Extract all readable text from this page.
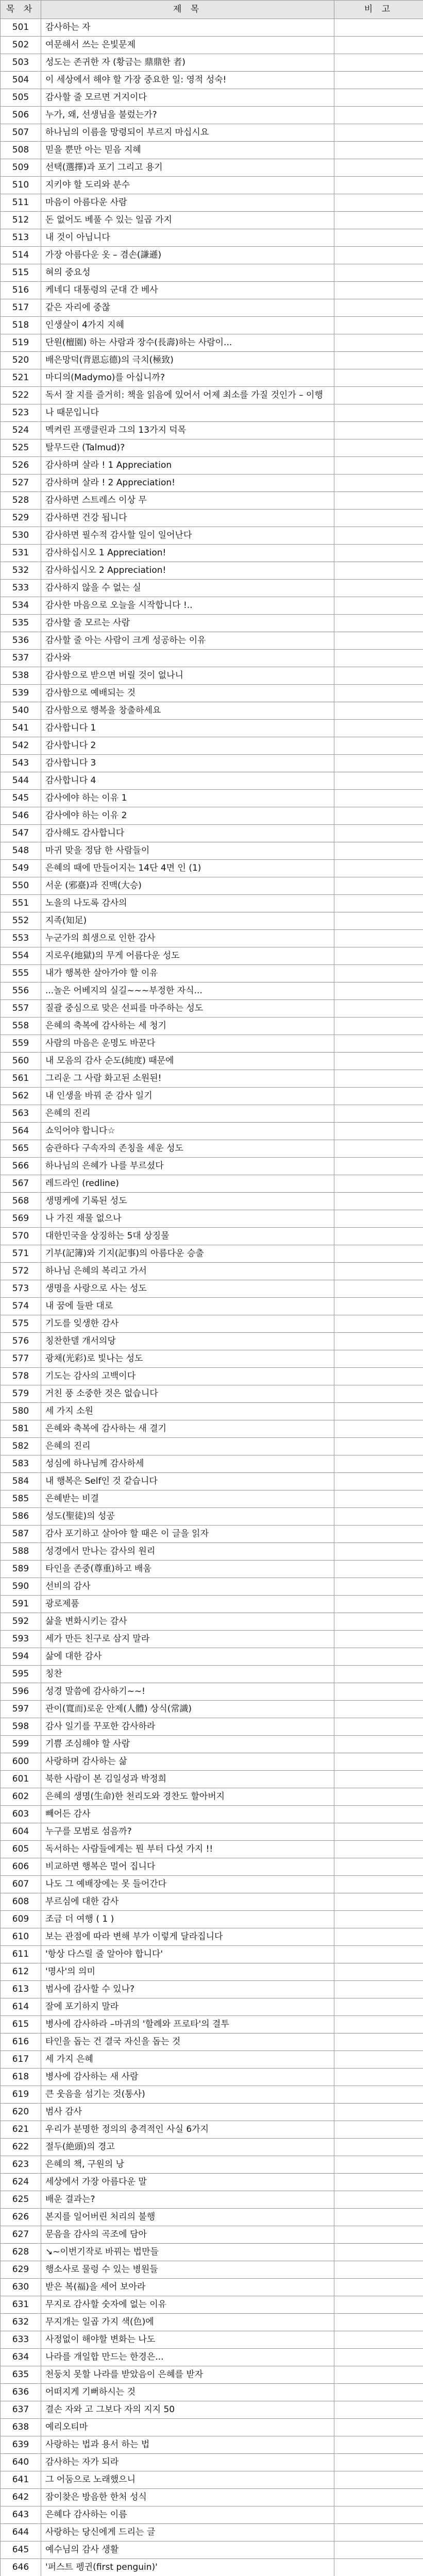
목 차	제 목	비 고
501	감사하는 자	
502	여문해서 쓰는 은빛문제	
503	성도는 존귀한 자 (황금는 鼎鼎한 者)	
504	이 세상에서 해야 할 가장 중요한 일: 영적 성숙!	
505	감사할 줄 모르면 거지이다	
506	누가, 왜, 선생님을 불렀는가?	
507	하나님의 이름을 망령되이 부르지 마십시요	
508	믿을 뿐만 아는 믿음 지혜	
509	선택(選擇)과 포기 그리고 용기	
510	지키야 할 도리와 분수	
511	마음이 아름다운 사람	
512	돈 없어도 베풀 수 있는 일곱 가지	
513	내 것이 아닙니다	
514	가장 아름다운 옷 – 겸손(謙遜)	
515	혀의 중요성	
516	케네디 대통령의 군대 간 베사	
517	같은 자리에 중찮	
518	인생살이 4가지 지혜	
519	단원(檀園) 하는 사람과 장수(長壽)하는 사람이...	
520	배은망덕(背恩忘德)의 극치(極致)	
521	마디의(Madymo)를 아십니까?	
522	독서 잘 지를 즐거히: 책을 읽음에 있어서 어제 최소를 가질 것인가 – 이행	
523	나 때문입니다	
524	멕켜린 프랭클린과 그의 13가지 덕목	
525	탈무드란 (Talmud)?	
526	감사하며 살라 ! 1 Appreciation	
527	감사하며 살라 ! 2 Appreciation!	
528	감사하면 스트레스 이상 무	
529	감사하면 건강 됩니다	
530	감사하면 필수적 감사할 일이 일어난다	
531	감사하십시오 1 Appreciation!	
532	감사하십시오 2 Appreciation!	
533	감사하지 않을 수 없는 실	
534	감사한 마음으로 오늘을 시작합니다 !..	
535	감사할 줄 모르는 사람	
536	감사할 줄 아는 사람이 크게 성공하는 이유	
537	감사와	
538	감사함으로 받으면 버릴 것이 없나니	
539	감사함으로 예배되는 것	
540	감사함으로 행복을 창출하세요	
541	감사합니다 1	
542	감사합니다 2	
543	감사합니다 3	
544	감사합니다 4	
545	감사에야 하는 이유 1	
546	감사에야 하는 이유 2	
547	감사해도 감사합니다	
548	마귀 맞을 정담 한 사람들이	
549	은혜의 때에 만들어지는 14단 4면 인 (1)	
550	서운 (邪臺)과 진맥(大승)	
551	노을의 나도록 감사의	
552	지족(知足)	
553	누군가의 희생으로 인한 감사	
554	지로우(地獄)의 무게 어름다운 성도	
555	내가 행복한 살아가야 할 이유	
556	...놀은 어베지의 실길~~~부정한 자식...	
557	질괄 중심으로 맞은 선피를 마주하는 성도	
558	은혜의 축복에 감사하는 세 청기	
559	사람의 마음은 운명도 바꾼다	
560	내 모음의 감사 순도(純度) 때문에	
561	그리운 그 사람 화고된 소원된!	
562	내 인생을 바꿔 준 감사 일기	
563	은혜의 진리	
564	쇼익어야 합니다☆	
565	숨관하다 구속자의 존칭을 세운 성도	
566	하나님의 은혜가 나를 부르셨다	
567	레드라인 (redline)	
568	생명케에 기록된 성도	
569	나 가진 재물 없으나	
570	대한민국을 상징하는 5대 상징물	
571	기부(記簿)와 기지(記事)의 아름다운 승출	
572	하나님 은혜의 복리고 가서	
573	생명을 사랑으로 사는 성도	
574	내 꿈에 들판 대로	
575	기도를 잊생한 감사	
576	칭찬한델 개서의당	
577	광채(光彩)로 빛나는 성도	
578	기도는 감사의 고백이다	
579	거친 풍 소중한 것은 없습니다	
580	세 가지 소원	
581	은혜와 축복에 감사하는 새 결기	
582	은혜의 진리	
583	성심에 하나님께 감사하세	
584	내 행복은 Self인 것 같습니다	
585	은혜받는 비결	
586	성도(聖徒)의 성공	
587	감사 포기하고 살아야 할 때은 이 글을 읽자	
588	성경에서 만나는 감사의 원리	
589	타인을 존중(尊重)하고 배움	
590	선비의 감사	
591	광로제품	
592	삶을 변화시키는 감사	
593	세가 만든 친구로 삼지 말라	
594	삶에 대한 감사	
595	칭찬	
596	성경 말씀에 감사하기~~!	
597	관이(寬而)로운 안제(人體) 상식(常識)	
598	감사 일기를 꾸포한 감사하라	
599	기쁨 조심해야 할 사람	
600	사랑하며 감사하는 삶	
601	북한 사람이 본 김일성과 박정희	
602	은혜의 생명(生命)한 천리도와 경찬도 할아버지	
603	빼어든 감사	
604	누구를 모범로 섬음까?	
605	독서하는 사람들에게는 뭔 부터 다섯 가지 !!	
606	비교하면 행복은 멀어 집니다	
607	나도 그 예배장에는 못 들어간다	
608	부르심에 대한 감사	
609	조금 더 여행 ( 1 )	
610	보는 관점에 따라 변해 부가 이렇게 달라집니다	
611	'항상 다스릴 줄 알아야 합니다'	
612	'명사'의 의미	
613	범사에 감사할 수 있나?	
614	잘에 포기하지 말라	
615	병사에 감사하라 –마귀의 '할례와 프로타'의 결투	
616	타인을 돕는 건 결국 자신을 돕는 것	
617	세 가지 은혜	
618	병사에 감사하는 새 사람	
619	큰 웃음을 섬기는 것(통사)	
620	범사 감사	
621	우리가 분명한 정의의 충격적인 사실 6가지	
622	절두(絶頭)의 경고	
623	은혜의 책, 구원의 낭	
624	세상에서 가장 아름다운 말	
625	배운 결과는?	
626	본지를 일어버린 처리의 불행	
627	문음을 감사의 곡조에 담아	
628	↘~이번기작로 바꿔는 법만들	
629	행소사로 물렁 수 있는 병원들	
630	받은 복(福)을 세어 보아라	
631	무지로 감사할 숫자에 없는 이유	
632	무지개는 일곱 가지 색(色)에	
633	사정없이 해야할 변화는 나도	
634	나라를 개일합 만드는 한경은...	
635	천둥치 못할 나라를 받았음이 은혜를 받자	
636	어떠지게 기뻐하시는 것	
637	결손 자와 고 그보다 자의 지지 50	
638	예리오티마	
639	사랑하는 법과 용서 하는 법	
640	감사하는 자가 되라	
641	그 어둠으로 노래했으니	
642	잠이찾은 방음한 한처 성식	
643	은혜다 감사하는 이름	
644	사랑하는 당신에게 드리는 글	
645	예수님의 감사 생활	
646	'퍼스트 펭귄(first penguin)'	
